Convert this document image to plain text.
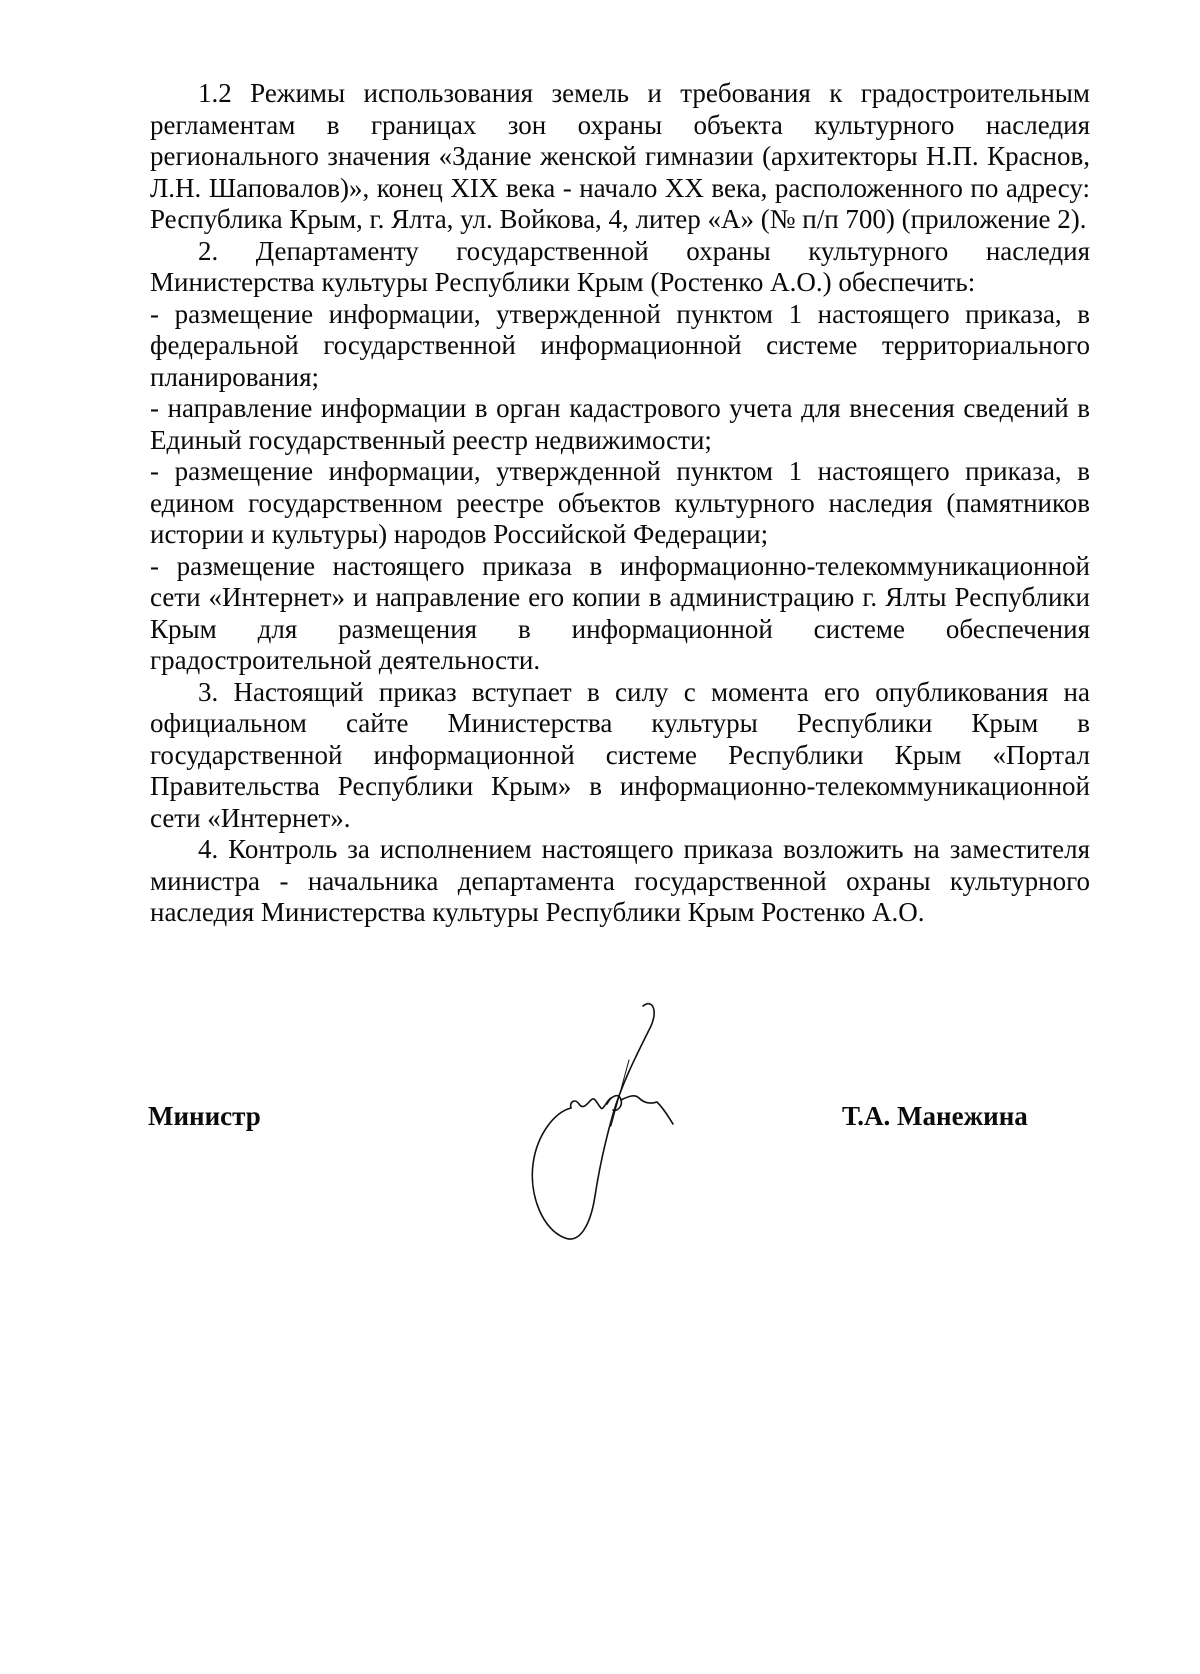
1.2 Режимы использования земель и требования к градостроительным регламентам в границах зон охраны объекта культурного наследия регионального значения «Здание женской гимназии (архитекторы Н.П. Краснов, Л.Н. Шаповалов)», конец XIX века - начало XX века, расположенного по адресу: Республика Крым, г. Ялта, ул. Войкова, 4, литер «А» (№ п/п 700) (приложение 2).

2. Департаменту государственной охраны культурного наследия Министерства культуры Республики Крым (Ростенко А.О.) обеспечить:

- размещение информации, утвержденной пунктом 1 настоящего приказа, в федеральной государственной информационной системе территориального планирования;

- направление информации в орган кадастрового учета для внесения сведений в Единый государственный реестр недвижимости;

- размещение информации, утвержденной пунктом 1 настоящего приказа, в едином государственном реестре объектов культурного наследия (памятников истории и культуры) народов Российской Федерации;

- размещение настоящего приказа в информационно-телекоммуникационной сети «Интернет» и направление его копии в администрацию г. Ялты Республики Крым для размещения в информационной системе обеспечения градостроительной деятельности.

3. Настоящий приказ вступает в силу с момента его опубликования на официальном сайте Министерства культуры Республики Крым в государственной информационной системе Республики Крым «Портал Правительства Республики Крым» в информационно-телекоммуникационной сети «Интернет».

4. Контроль за исполнением настоящего приказа возложить на заместителя министра - начальника департамента государственной охраны культурного наследия Министерства культуры Республики Крым Ростенко А.О.

Министр	Т.А. Манежина
